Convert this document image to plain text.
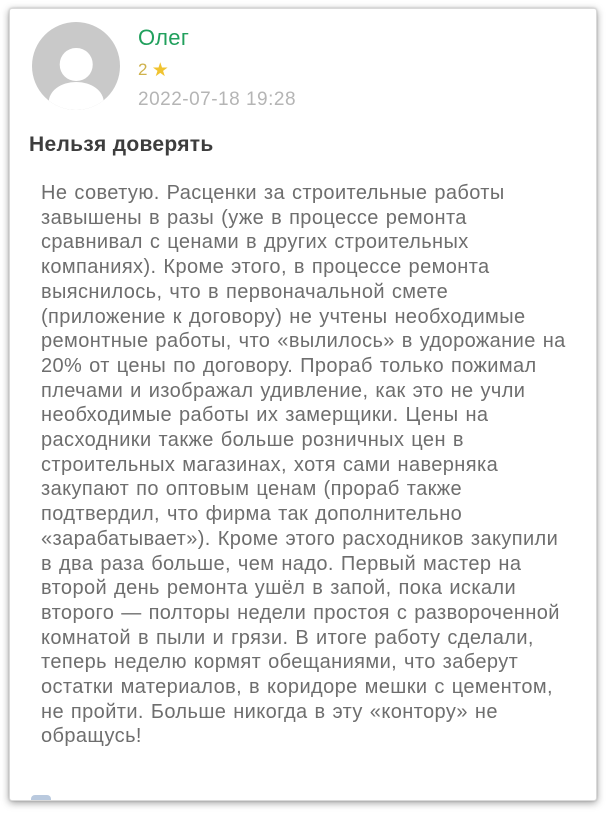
Олег
2 ★
2022-07-18 19:28
Нельзя доверять
Не советую. Расценки за строительные работы завышены в разы (уже в процессе ремонта сравнивал с ценами в других строительных компаниях). Кроме этого, в процессе ремонта выяснилось, что в первоначальной смете (приложение к договору) не учтены необходимые ремонтные работы, что «вылилось» в удорожание на 20% от цены по договору. Прораб только пожимал плечами и изображал удивление, как это не учли необходимые работы их замерщики. Цены на расходники также больше розничных цен в строительных магазинах, хотя сами наверняка закупают по оптовым ценам (прораб также подтвердил, что фирма так дополнительно «зарабатывает»). Кроме этого расходников закупили в два раза больше, чем надо. Первый мастер на второй день ремонта ушёл в запой, пока искали второго — полторы недели простоя с развороченной комнатой в пыли и грязи. В итоге работу сделали, теперь неделю кормят обещаниями, что заберут остатки материалов, в коридоре мешки с цементом, не пройти. Больше никогда в эту «контору» не обращусь!
